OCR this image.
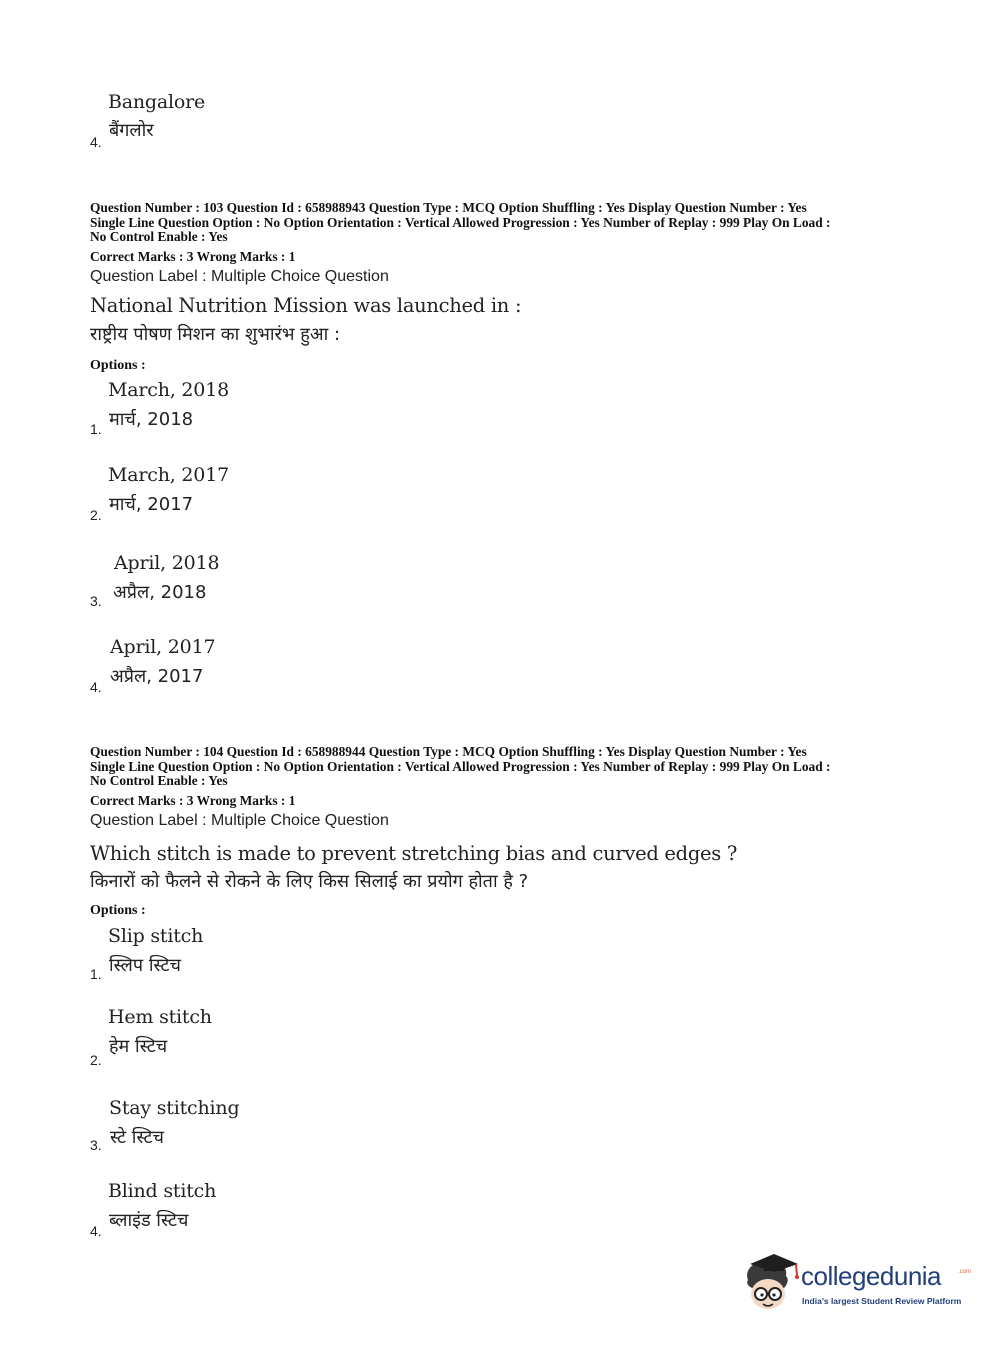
Bangalore
बैंगलोर
4.
Question Number : 103 Question Id : 658988943 Question Type : MCQ Option Shuffling : Yes Display Question Number : Yes
Single Line Question Option : No Option Orientation : Vertical Allowed Progression : Yes Number of Replay : 999 Play On Load :
No Control Enable : Yes
Correct Marks : 3 Wrong Marks : 1
Question Label : Multiple Choice Question
National Nutrition Mission was launched in :
राष्ट्रीय पोषण मिशन का शुभारंभ हुआ :
Options :
March, 2018
मार्च, 2018
1.
March, 2017
मार्च, 2017
2.
April, 2018
अप्रैल, 2018
3.
April, 2017
अप्रैल, 2017
4.
Question Number : 104 Question Id : 658988944 Question Type : MCQ Option Shuffling : Yes Display Question Number : Yes
Single Line Question Option : No Option Orientation : Vertical Allowed Progression : Yes Number of Replay : 999 Play On Load :
No Control Enable : Yes
Correct Marks : 3 Wrong Marks : 1
Question Label : Multiple Choice Question
Which stitch is made to prevent stretching bias and curved edges ?
किनारों को फैलने से रोकने के लिए किस सिलाई का प्रयोग होता है ?
Options :
Slip stitch
स्लिप स्टिच
1.
Hem stitch
हेम स्टिच
2.
Stay stitching
स्टे स्टिच
3.
Blind stitch
ब्लाइंड स्टिच
4.
collegedunia	.com
India's largest Student Review Platform
